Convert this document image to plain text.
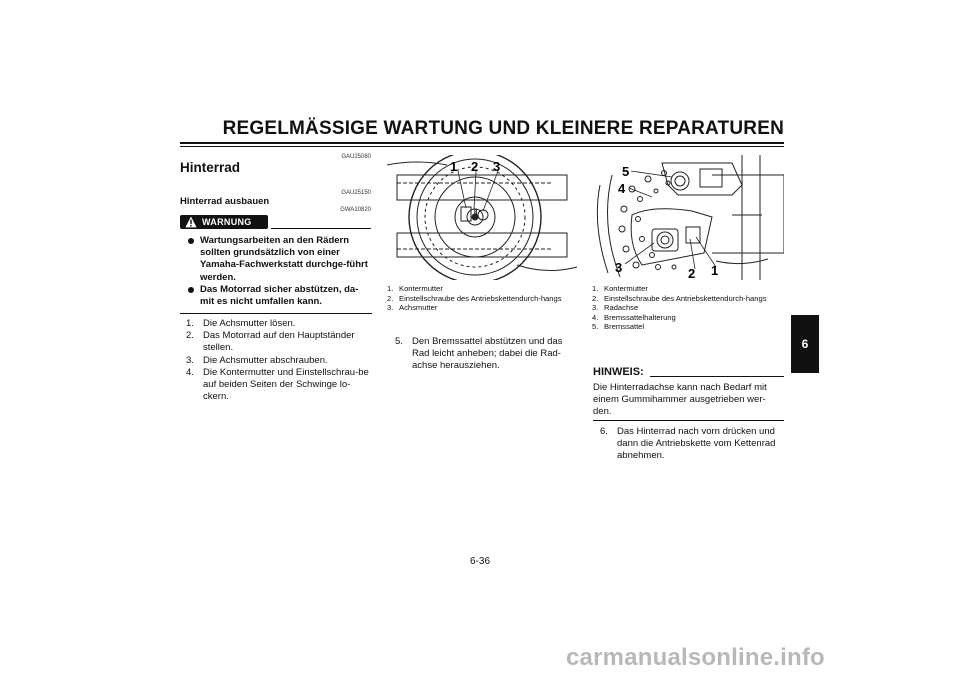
REGELMÄSSIGE WARTUNG UND KLEINERE REPARATUREN
GAU25080
Hinterrad
GAU25150
Hinterrad ausbauen
GWA10820
WARNUNG
Wartungsarbeiten an den Rädern sollten grundsätzlich von einer Yamaha-Fachwerkstatt durchge-führt werden.
Das Motorrad sicher abstützen, da-mit es nicht umfallen kann.
1. Die Achsmutter lösen.
2. Das Motorrad auf den Hauptständer stellen.
3. Die Achsmutter abschrauben.
4. Die Kontermutter und Einstellschrau-be auf beiden Seiten der Schwinge lo-ckern.
8
1 2 3
1. Kontermutter
2. Einstellschraube des Antriebskettendurch-hangs
3. Achsmutter
5. Den Bremssattel abstützen und das Rad leicht anheben; dabei die Rad-achse herausziehen.
5
4
3	2 1
1. Kontermutter
2. Einstellschraube des Antriebskettendurch-hangs
3. Radachse
4. Bremssattelhalterung
5. Bremssattel
HINWEIS:
Die Hinterradachse kann nach Bedarf mit einem Gummihammer ausgetrieben wer-den.
6. Das Hinterrad nach vorn drücken und dann die Antriebskette vom Kettenrad abnehmen.
6
6-36
carmanualsonline.info
